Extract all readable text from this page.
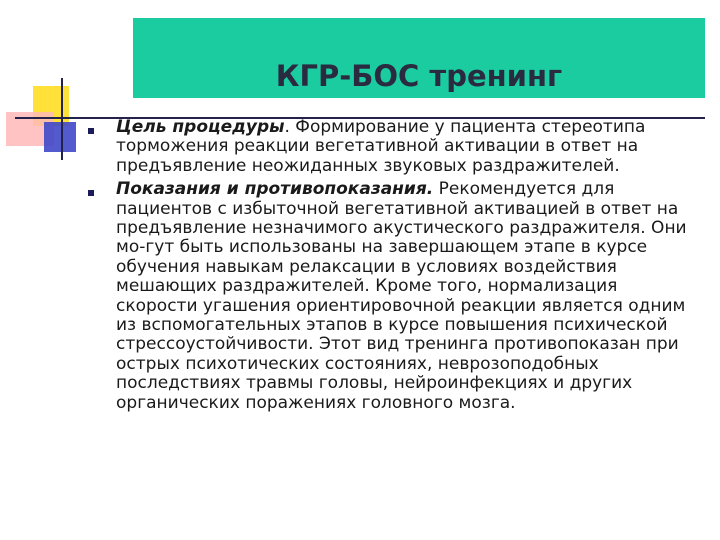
КГР-БОС тренинг

Цель процедуры. Формирование у пациента стереотипа торможения реакции вегетативной активации в ответ на предъявление неожиданных звуковых раздражителей.

Показания и противопоказания. Рекомендуется для пациентов с избыточной вегетативной активацией в ответ на предъявление незначимого акустического раздражителя. Они мо-гут быть использованы на завершающем этапе в курсе обучения навыкам релаксации в условиях воздействия мешающих раздражителей. Кроме того, нормализация скорости угашения ориентировочной реакции является одним из вспомогательных этапов в курсе повышения психической стрессоустойчивости. Этот вид тренинга противопоказан при острых психотических состояниях, неврозоподобных последствиях травмы головы, нейроинфекциях и других органических поражениях головного мозга.
